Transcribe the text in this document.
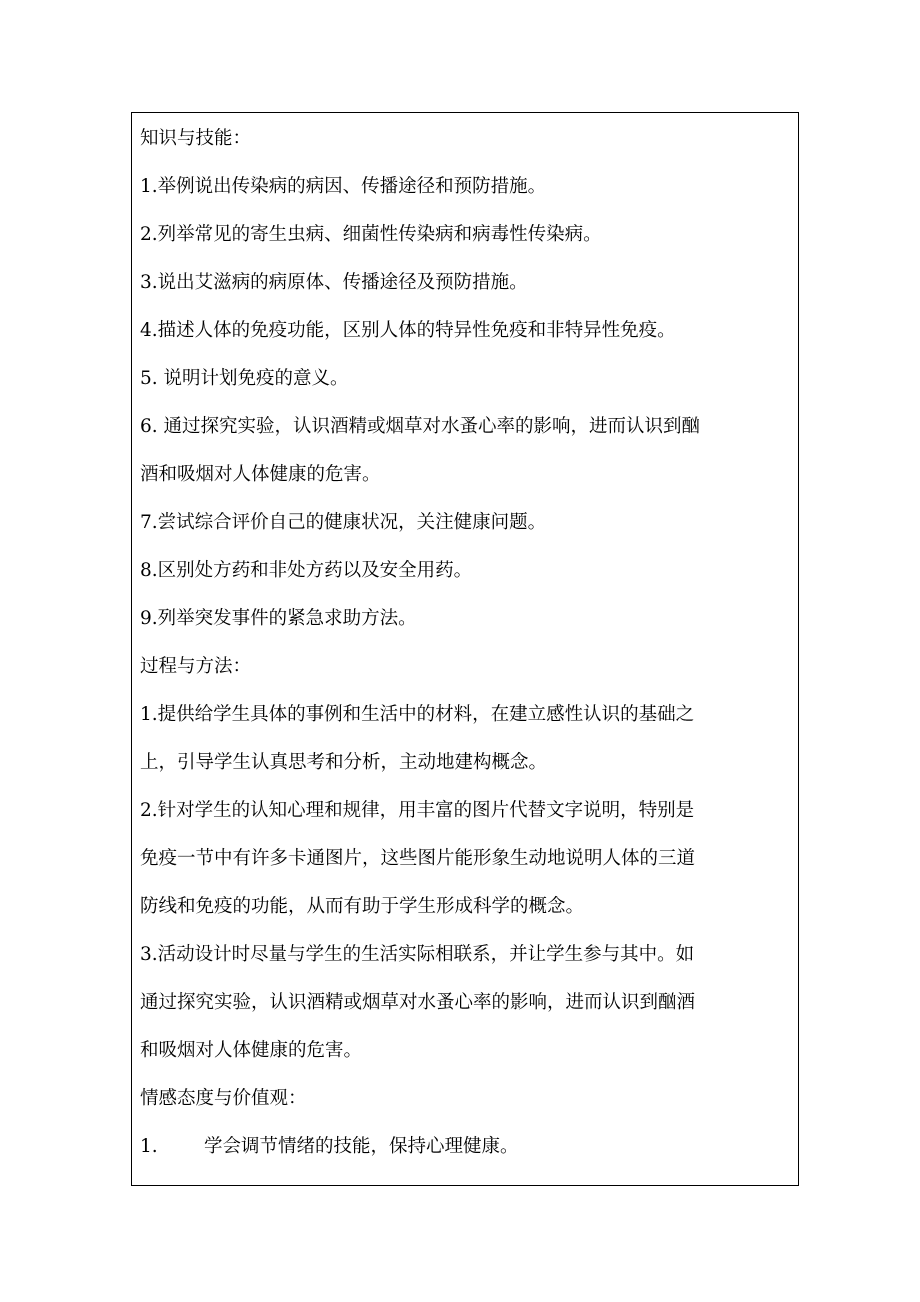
知识与技能：

1.举例说出传染病的病因、传播途径和预防措施。

2.列举常见的寄生虫病、细菌性传染病和病毒性传染病。

3.说出艾滋病的病原体、传播途径及预防措施。

4.描述人体的免疫功能，区别人体的特异性免疫和非特异性免疫。

5. 说明计划免疫的意义。

6. 通过探究实验，认识酒精或烟草对水蚤心率的影响，进而认识到酗

酒和吸烟对人体健康的危害。

7.尝试综合评价自己的健康状况，关注健康问题。

8.区别处方药和非处方药以及安全用药。

9.列举突发事件的紧急求助方法。

过程与方法：

1.提供给学生具体的事例和生活中的材料，在建立感性认识的基础之

上，引导学生认真思考和分析，主动地建构概念。

2.针对学生的认知心理和规律，用丰富的图片代替文字说明，特别是

免疫一节中有许多卡通图片，这些图片能形象生动地说明人体的三道

防线和免疫的功能，从而有助于学生形成科学的概念。

3.活动设计时尽量与学生的生活实际相联系，并让学生参与其中。如

通过探究实验，认识酒精或烟草对水蚤心率的影响，进而认识到酗酒

和吸烟对人体健康的危害。

情感态度与价值观：

1.	学会调节情绪的技能，保持心理健康。
